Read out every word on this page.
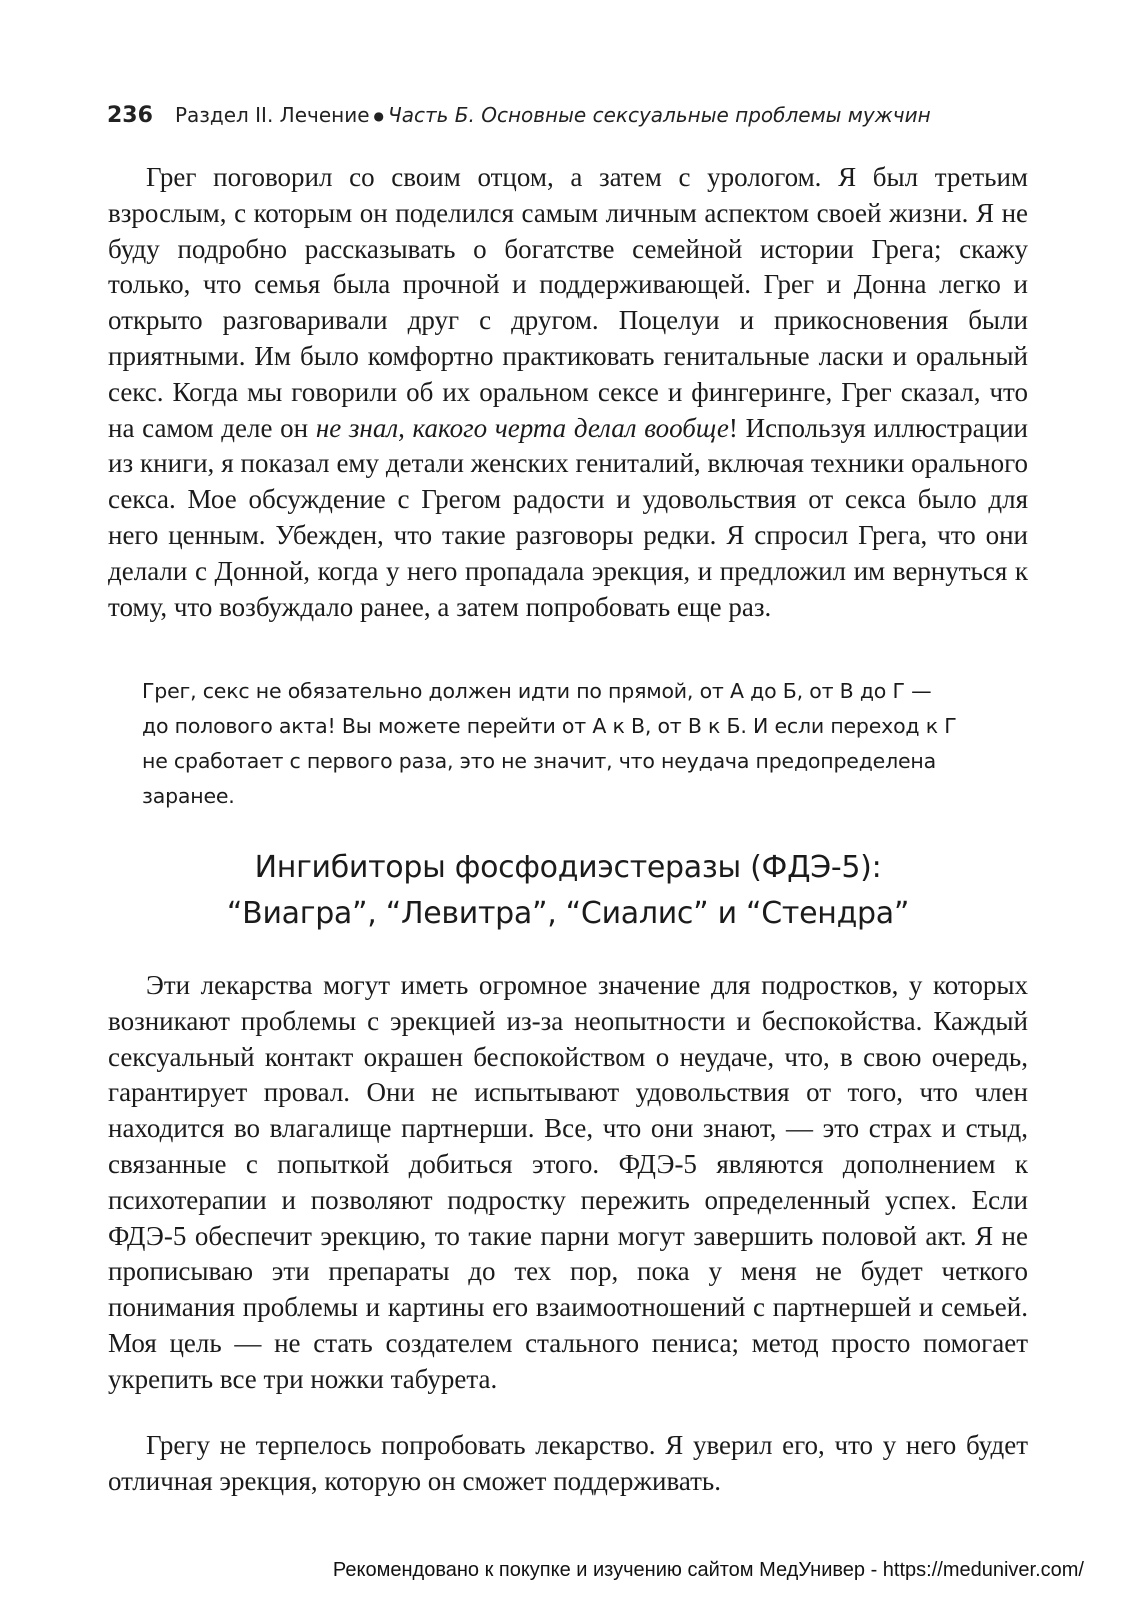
236 Раздел II. Лечение ● Часть Б. Основные сексуальные проблемы мужчин

Грег поговорил со своим отцом, а затем с урологом. Я был третьим взрослым, с которым он поделился самым личным аспектом своей жизни. Я не буду подробно рассказывать о богатстве семейной истории Грега; скажу только, что семья была прочной и поддерживающей. Грег и Донна легко и открыто разговаривали друг с другом. Поцелуи и прикосновения были приятными. Им было комфортно практиковать генитальные ласки и оральный секс. Когда мы говорили об их оральном сексе и фингеринге, Грег сказал, что на самом деле он не знал, какого черта делал вообще! Используя иллюстрации из книги, я показал ему детали женских гениталий, включая техники орального секса. Мое обсуждение с Грегом радости и удовольствия от секса было для него ценным. Убежден, что такие разговоры редки. Я спросил Грега, что они делали с Донной, когда у него пропадала эрекция, и предложил им вернуться к тому, что возбуждало ранее, а затем попробовать еще раз.

Грег, секс не обязательно должен идти по прямой, от А до Б, от В до Г —
до полового акта! Вы можете перейти от А к В, от В к Б. И если переход к Г
не сработает с первого раза, это не значит, что неудача предопределена
заранее.
Ингибиторы фосфодиэстеразы (ФДЭ-5):
“Виагра”, “Левитра”, “Сиалис” и “Стендра”

Эти лекарства могут иметь огромное значение для подростков, у которых возникают проблемы с эрекцией из-за неопытности и беспокойства. Каждый сексуальный контакт окрашен беспокойством о неудаче, что, в свою очередь, гарантирует провал. Они не испытывают удовольствия от того, что член находится во влагалище партнерши. Все, что они знают, — это страх и стыд, связанные с попыткой добиться этого. ФДЭ-5 являются дополнением к психотерапии и позволяют подростку пережить определенный успех. Если ФДЭ-5 обеспечит эрекцию, то такие парни могут завершить половой акт. Я не прописываю эти препараты до тех пор, пока у меня не будет четкого понимания проблемы и картины его взаимоотношений с партнершей и семьей. Моя цель — не стать создателем стального пениса; метод просто помогает укрепить все три ножки табурета.

Грегу не терпелось попробовать лекарство. Я уверил его, что у него будет отличная эрекция, которую он сможет поддерживать.

Рекомендовано к покупке и изучению сайтом МедУнивер - https://meduniver.com/
